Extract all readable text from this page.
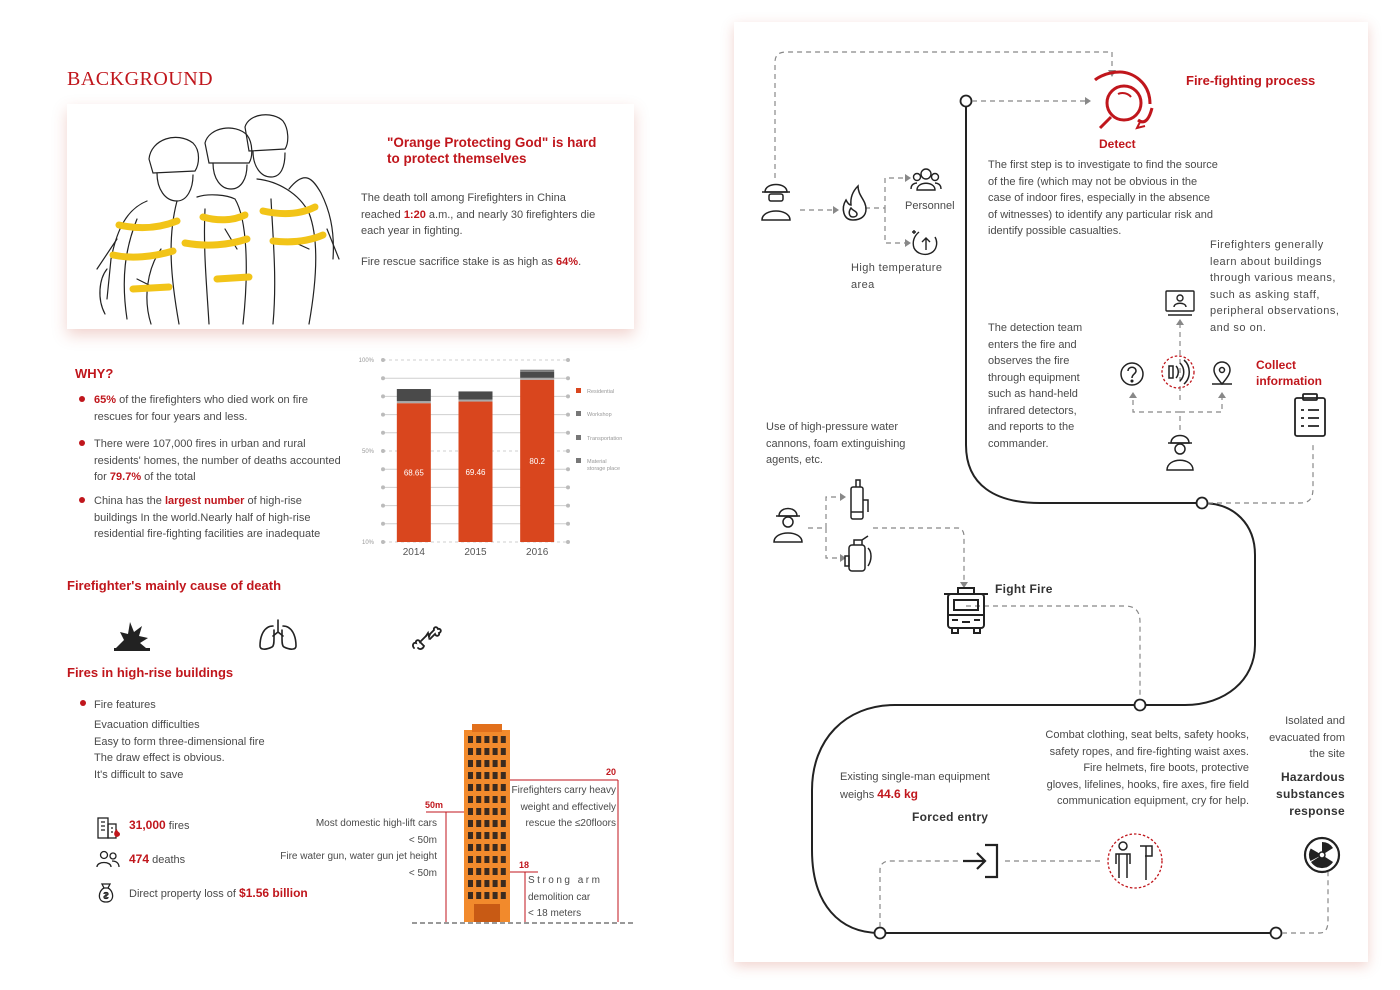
BACKGROUND
"Orange Protecting God" is hard to protect themselves
The death toll among Firefighters in China reached 1:20 a.m., and nearly 30 firefighters die each year in fighting.
Fire rescue sacrifice stake is as high as 64%.
WHY?
65% of the firefighters who died work on fire rescues for four years and less.
There were 107,000 fires in urban and rural residents' homes, the number of deaths accounted for 79.7% of the total
China has the largest number of high-rise buildings In the world.Nearly half of high-rise residential fire-fighting facilities are inadequate
100%
50%
10%
68.65
2014
69.46
2015
80.2
2016
Residential
Workshop
Transportation
Material
storage place
Firefighter's mainly cause of death
Fires in high-rise buildings
Fire features
Evacuation difficulties
Easy to form three-dimensional fire
The draw effect is obvious.
It's difficult to save
31,000 fires
474 deaths
Direct property loss of $1.56 billion
50m
20
18
Most domestic high-lift cars
< 50m
Fire water gun, water gun jet height
< 50m
Firefighters carry heavy
weight and effectively
rescue the ≤20floors
Strong arm
demolition car
< 18 meters
Fire-fighting process
Detect
The first step is to investigate to find the source
of the fire (which may not be obvious in the
case of indoor fires, especially in the absence
of witnesses) to identify any particular risk and
identify possible casualties.
Personnel
High temperature
area
Firefighters generally
learn about buildings
through various means,
such as asking staff,
peripheral observations,
and so on.
The detection team
enters the fire and
observes the fire
through equipment
such as hand-held
infrared detectors,
and reports to the
commander.
Collect
information
Use of high-pressure water
cannons, foam extinguishing
agents, etc.
Fight Fire
Existing single-man equipment
weighs 44.6 kg
Forced entry
Combat clothing, seat belts, safety hooks,
safety ropes, and fire-fighting waist axes.
Fire helmets, fire boots, protective
gloves, lifelines, hooks, fire axes, fire field
communication equipment, cry for help.
Isolated and
evacuated from
the site
Hazardous
substances
response
